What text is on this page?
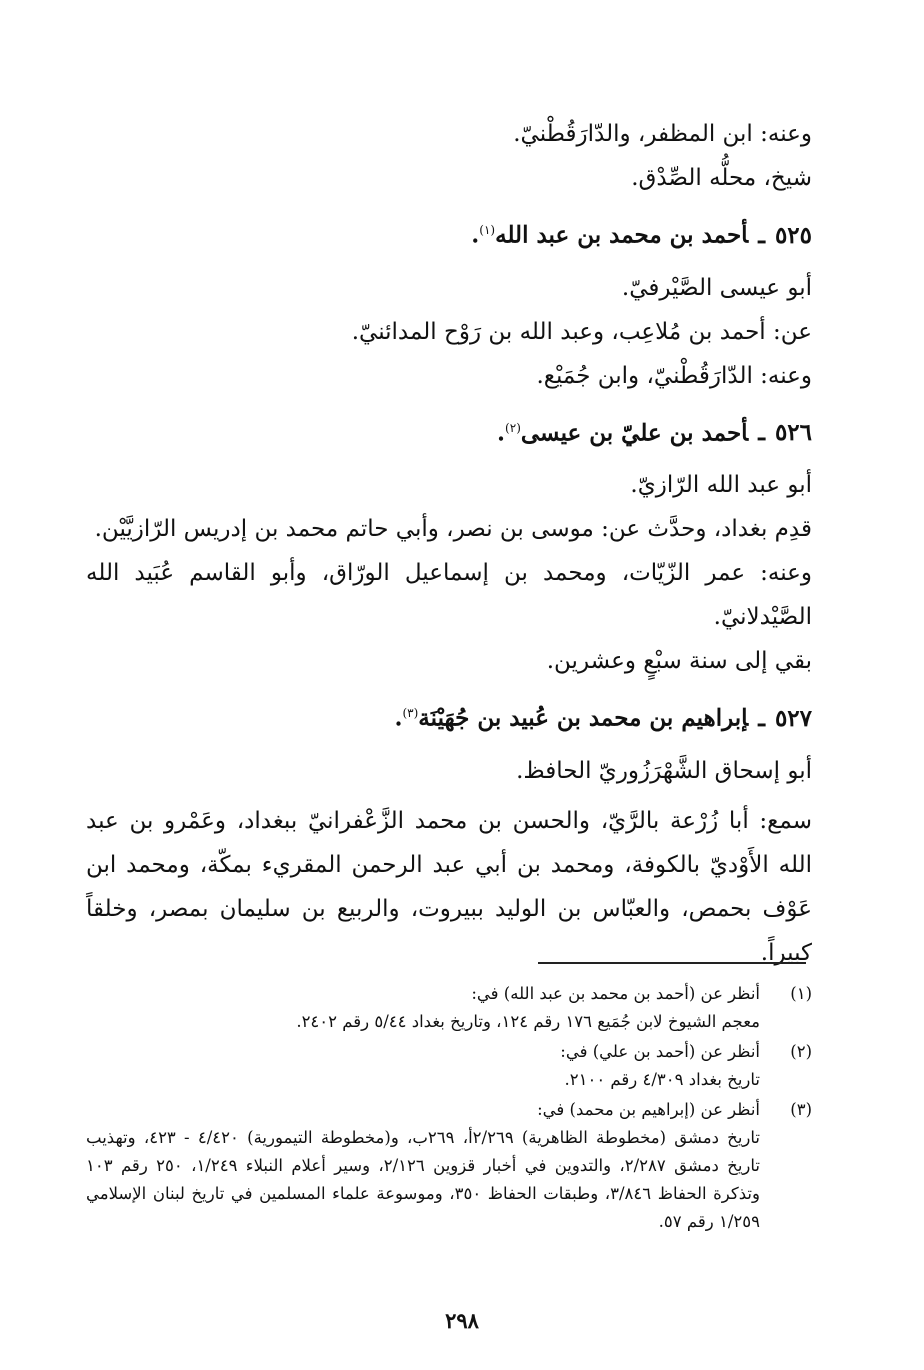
وعنه: ابن المظفر، والدّارَقُطْنيّ.
شيخ، محلُّه الصِّدْق.
٥٢٥ـأحمد بن محمد بن عبد الله$^{(١)}$.
أبو عيسى الصَّيْرفيّ.
عن: أحمد بن مُلاعِب، وعبد الله بن رَوْح المدائنيّ.
وعنه: الدّارَقُطْنيّ، وابن جُمَيْع.
٥٢٦ـأحمد بن عليّ بن عيسى$^{(٢)}$.
أبو عبد الله الرّازيّ.
قدِم بغداد، وحدَّث عن: موسى بن نصر، وأبي حاتم محمد بن إدريس الرّازيَّيْن.
وعنه: عمر الزّيّات، ومحمد بن إسماعيل الورّاق، وأبو القاسم عُبَيد الله الصَّيْدلانيّ.
بقي إلى سنة سبْعٍ وعشرين.
٥٢٧ـإبراهيم بن محمد بن عُبيد بن جُهَيْنَة$^{(٣)}$.
أبو إسحاق الشَّهْرَزُوريّ الحافظ.
سمع: أبا زُرْعة بالرَّيّ، والحسن بن محمد الزَّعْفرانيّ ببغداد، وعَمْرو بن عبد الله الأَوْديّ بالكوفة، ومحمد بن أبي عبد الرحمن المقريء بمكّة، ومحمد ابن عَوْف بحمص، والعبّاس بن الوليد ببيروت، والربيع بن سليمان بمصر، وخلقاً كبيراً.
(١)
أنظر عن (أحمد بن محمد بن عبد الله) في:
معجم الشيوخ لابن جُمَيع ١٧٦ رقم ١٢٤، وتاريخ بغداد ٥/٤٤ رقم ٢٤٠٢.
(٢)
أنظر عن (أحمد بن علي) في:
تاريخ بغداد ٤/٣٠٩ رقم ٢١٠٠.
(٣)
أنظر عن (إبراهيم بن محمد) في:
تاريخ دمشق (مخطوطة الظاهرية) ٢/٢٦٩أ، ٢٦٩ب، و(مخطوطة التيمورية) ٤/٤٢٠ - ٤٢٣، وتهذيب تاريخ دمشق ٢/٢٨٧، والتدوين في أخبار قزوين ٢/١٢٦، وسير أعلام النبلاء ١/٢٤٩، ٢٥٠ رقم ١٠٣ وتذكرة الحفاظ ٣/٨٤٦، وطبقات الحفاظ ٣٥٠، وموسوعة علماء المسلمين في تاريخ لبنان الإسلامي ١/٢٥٩ رقم ٥٧.
٢٩٨
